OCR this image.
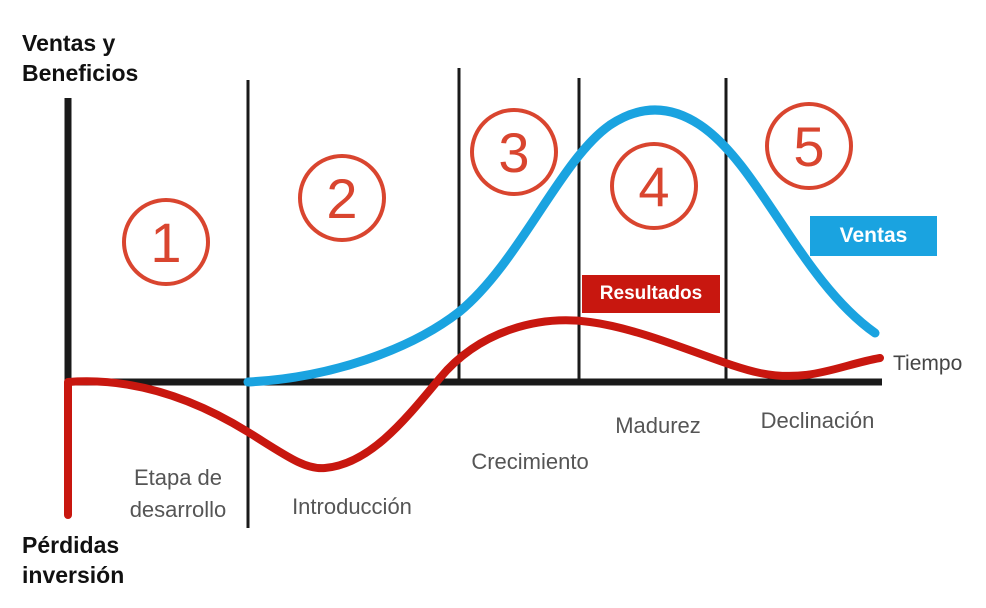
1
2
3
4
5
Ventas y
Beneficios
Pérdidas
inversión
Ventas
Resultados
Etapa de
desarrollo	Introducción
Crecimiento
Madurez	Declinación
Tiempo
